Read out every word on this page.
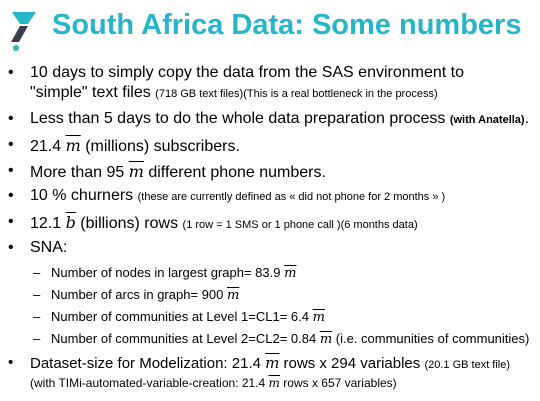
South Africa Data: Some numbers
• 10 days to simply copy the data from the SAS environment to
"simple" text files (718 GB text files)(This is a real bottleneck in the process)
• Less than 5 days to do the whole data preparation process (with Anatella).
• 21.4 $\overline{m}$ (millions) subscribers.
• More than 95 $\overline{m}$ different phone numbers.
• 10 % churners (these are currently defined as « did not phone for 2 months » )
• 12.1 $\overline{b}$ (billions) rows (1 row = 1 SMS or 1 phone call )(6 months data)
• SNA:
– Number of nodes in largest graph= 83.9 $\overline{m}$
– Number of arcs in graph= 900 $\overline{m}$
– Number of communities at Level 1=CL1= 6.4 $\overline{m}$
– Number of communities at Level 2=CL2= 0.84 $\overline{m}$ (i.e. communities of communities)
• Dataset-size for Modelization: 21.4 $\overline{m}$ rows x 294 variables (20.1 GB text file)
(with TIMi-automated-variable-creation: 21.4 $\overline{m}$ rows x 657 variables)
